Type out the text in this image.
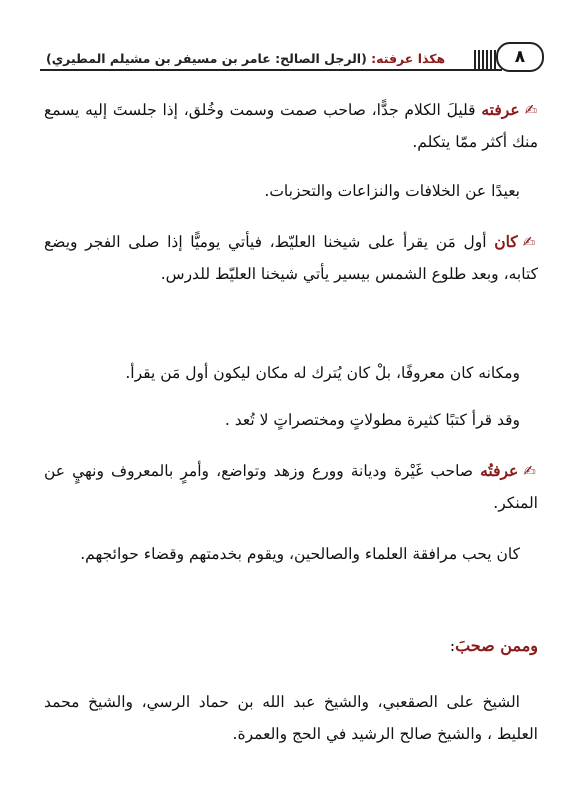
هكذا عرفته: (الرجل الصالح: عامر بن مسيفر بن مشيلم المطيري)	٨
✍عرفته قليلَ الكلام جدًّا، صاحب صمت وسمت وخُلق، إذا جلستَ إليه يسمع منك أكثر ممّا يتكلم.
بعيدًا عن الخلافات والنزاعات والتحزبات.
✍كان أول مَن يقرأ على شيخنا العليّط، فيأتي يوميًّا إذا صلى الفجر ويضع كتابه، وبعد طلوع الشمس بيسير يأتي شيخنا العليّط للدرس.
ومكانه كان معروفًا، بلْ كان يُترك له مكان ليكون أول مَن يقرأ.
وقد قرأ كتبًا كثيرة مطولاتٍ ومختصراتٍ لا تُعد .
✍عرفتُه صاحب غَيْرة وديانة وورع وزهد وتواضع، وأمرٍ بالمعروف ونهيٍ عن المنكر.
كان يحب مرافقة العلماء والصالحين، ويقوم بخدمتهم وقضاء حوائجهم.
وممن صحبَ:
الشيخ على الصقعبي، والشيخ عبد الله بن حماد الرسي، والشيخ محمد العليط ، والشيخ صالح الرشيد في الحج والعمرة.
